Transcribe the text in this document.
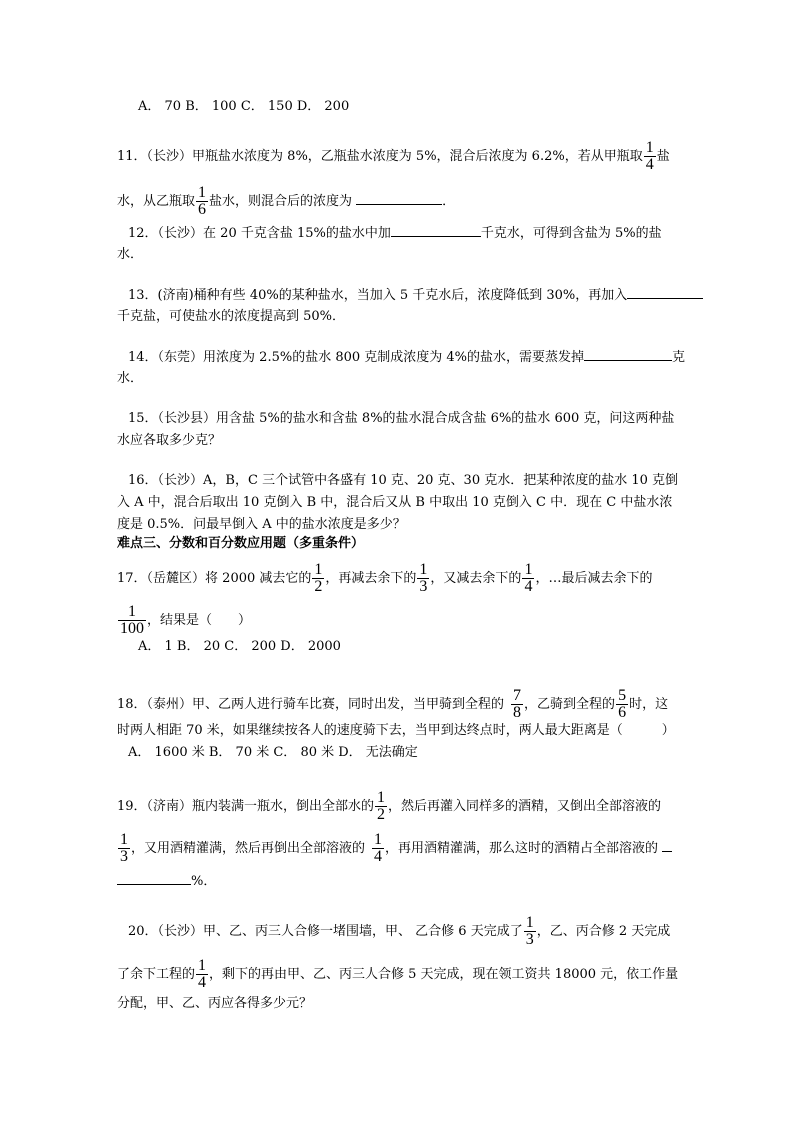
A． 70 B． 100 C． 150 D． 200
11．（长沙）甲瓶盐水浓度为 8%，乙瓶盐水浓度为 5%，混合后浓度为 6.2%，若从甲瓶取 $\frac{1}{4}$ 盐
水，从乙瓶取 $\frac{1}{6}$ 盐水，则混合后的浓度为	．
12．（长沙）在 20 千克含盐 15%的盐水中加	千克水，可得到含盐为 5%的盐
水．
13．(济南)桶种有些 40%的某种盐水，当加入 5 千克水后，浓度降低到 30%，再加入
千克盐，可使盐水的浓度提高到 50%．
14．（东莞）用浓度为 2.5%的盐水 800 克制成浓度为 4%的盐水，需要蒸发掉	克
水．
15．（长沙县）用含盐 5%的盐水和含盐 8%的盐水混合成含盐 6%的盐水 600 克，问这两种盐
水应各取多少克？
16．（长沙）A，B，C 三个试管中各盛有 10 克、20 克、30 克水．把某种浓度的盐水 10 克倒
入 A 中，混合后取出 10 克倒入 B 中，混合后又从 B 中取出 10 克倒入 C 中．现在 C 中盐水浓
度是 0.5%．问最早倒入 A 中的盐水浓度是多少？
难点三、分数和百分数应用题（多重条件）
17．（岳麓区）将 2000 减去它的 $\frac{1}{2}$ ，再减去余下的 $\frac{1}{3}$ ，又减去余下的 $\frac{1}{4}$ ，…最后减去余下的
$\frac{1}{100}$ ，结果是（　　）
A． 1 B． 20 C． 200 D． 2000
18．（泰州）甲、乙两人进行骑车比赛，同时出发，当甲骑到全程的 $\frac{7}{8}$ ，乙骑到全程的 $\frac{5}{6}$ 时，这
时两人相距 70 米，如果继续按各人的速度骑下去，当甲到达终点时，两人最大距离是（　　　）
A． 1600 米 B． 70 米 C． 80 米 D． 无法确定
19．（济南）瓶内装满一瓶水，倒出全部水的 $\frac{1}{2}$ ，然后再灌入同样多的酒精，又倒出全部溶液的
$\frac{1}{3}$ ，又用酒精灌满，然后再倒出全部溶液的 $\frac{1}{4}$ ，再用酒精灌满，那么这时的酒精占全部溶液的
%．
20．（长沙）甲、乙、丙三人合修一堵围墙，甲、 乙合修 6 天完成了 $\frac{1}{3}$ ，乙、丙合修 2 天完成
了余下工程的 $\frac{1}{4}$ ，剩下的再由甲、乙、丙三人合修 5 天完成，现在领工资共 18000 元，依工作量
分配，甲、乙、丙应各得多少元？
